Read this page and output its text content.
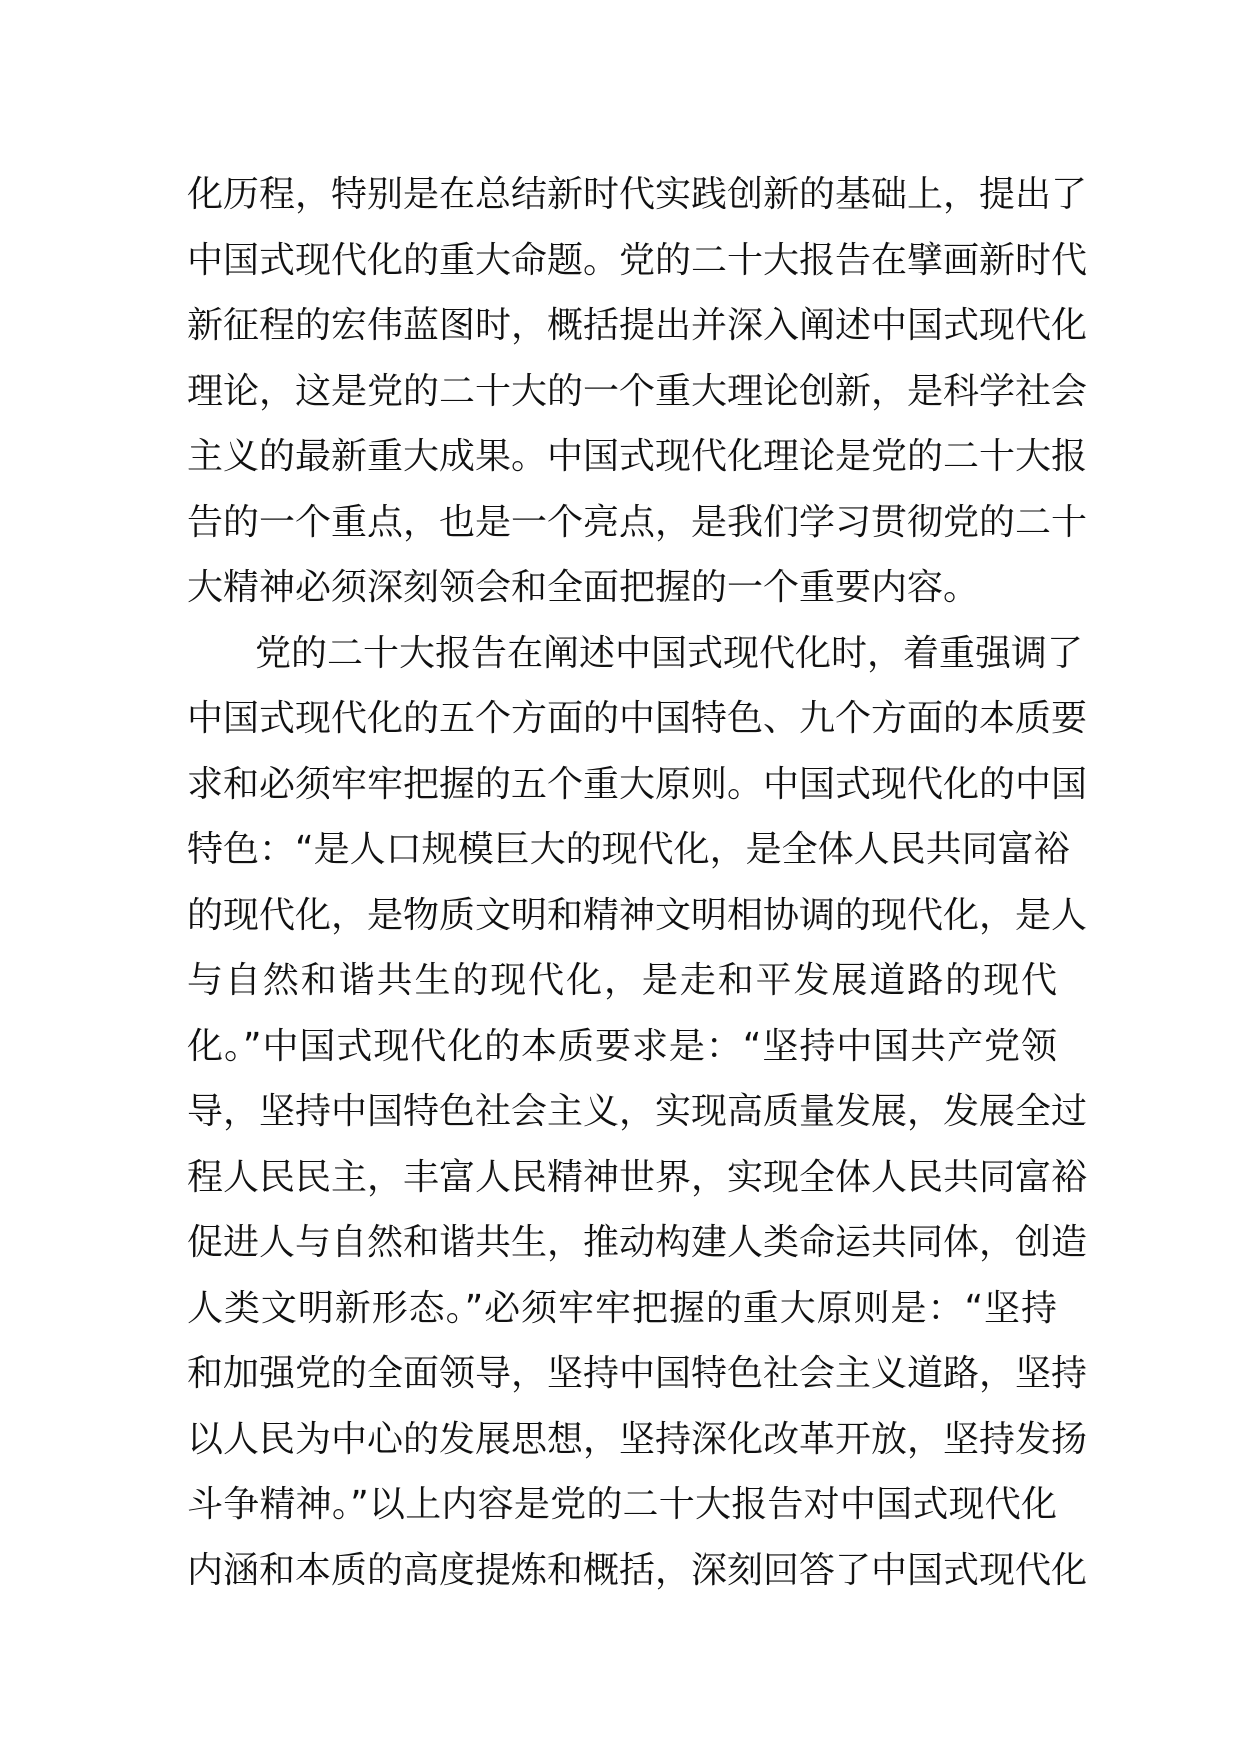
化历程，特别是在总结新时代实践创新的基础上，提出了
中国式现代化的重大命题。党的二十大报告在擘画新时代
新征程的宏伟蓝图时，概括提出并深入阐述中国式现代化
理论，这是党的二十大的一个重大理论创新，是科学社会
主义的最新重大成果。中国式现代化理论是党的二十大报
告的一个重点，也是一个亮点，是我们学习贯彻党的二十
大精神必须深刻领会和全面把握的一个重要内容。
党的二十大报告在阐述中国式现代化时，着重强调了
中国式现代化的五个方面的中国特色、九个方面的本质要
求和必须牢牢把握的五个重大原则。中国式现代化的中国
特色：“是人口规模巨大的现代化，是全体人民共同富裕
的现代化，是物质文明和精神文明相协调的现代化，是人
与自然和谐共生的现代化，是走和平发展道路的现代
化。”中国式现代化的本质要求是：“坚持中国共产党领
导，坚持中国特色社会主义，实现高质量发展，发展全过
程人民民主，丰富人民精神世界，实现全体人民共同富裕
促进人与自然和谐共生，推动构建人类命运共同体，创造
人类文明新形态。”必须牢牢把握的重大原则是：“坚持
和加强党的全面领导，坚持中国特色社会主义道路，坚持
以人民为中心的发展思想，坚持深化改革开放，坚持发扬
斗争精神。”以上内容是党的二十大报告对中国式现代化
内涵和本质的高度提炼和概括，深刻回答了中国式现代化
